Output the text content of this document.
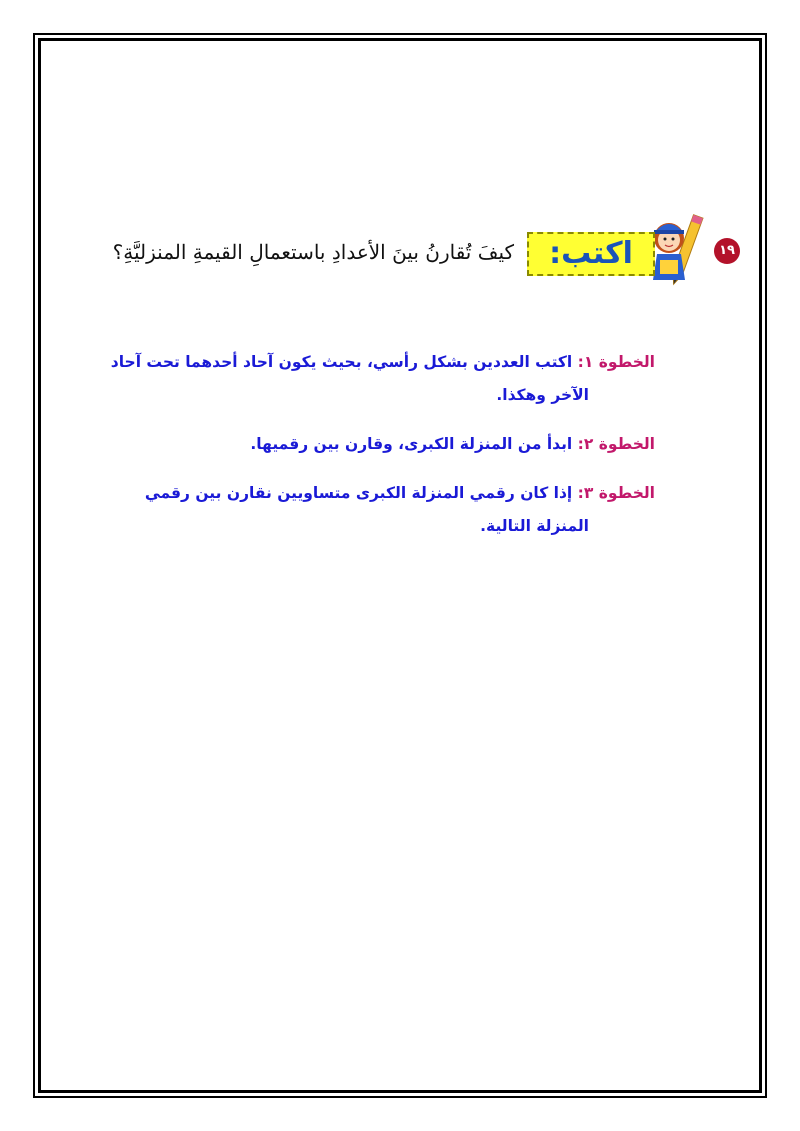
١٩
اكتب:
كيفَ تُقارنُ بينَ الأعدادِ باستعمالِ القيمةِ المنزليَّةِ؟
الخطوة ١: اكتب العددين بشكل رأسي، بحيث يكون آحاد أحدهما تحت آحاد
الآخر وهكذا.
الخطوة ٢: ابدأ من المنزلة الكبرى، وقارن بين رقميها.
الخطوة ٣: إذا كان رقمي المنزلة الكبرى متساويين نقارن بين رقمي
المنزلة التالية.
